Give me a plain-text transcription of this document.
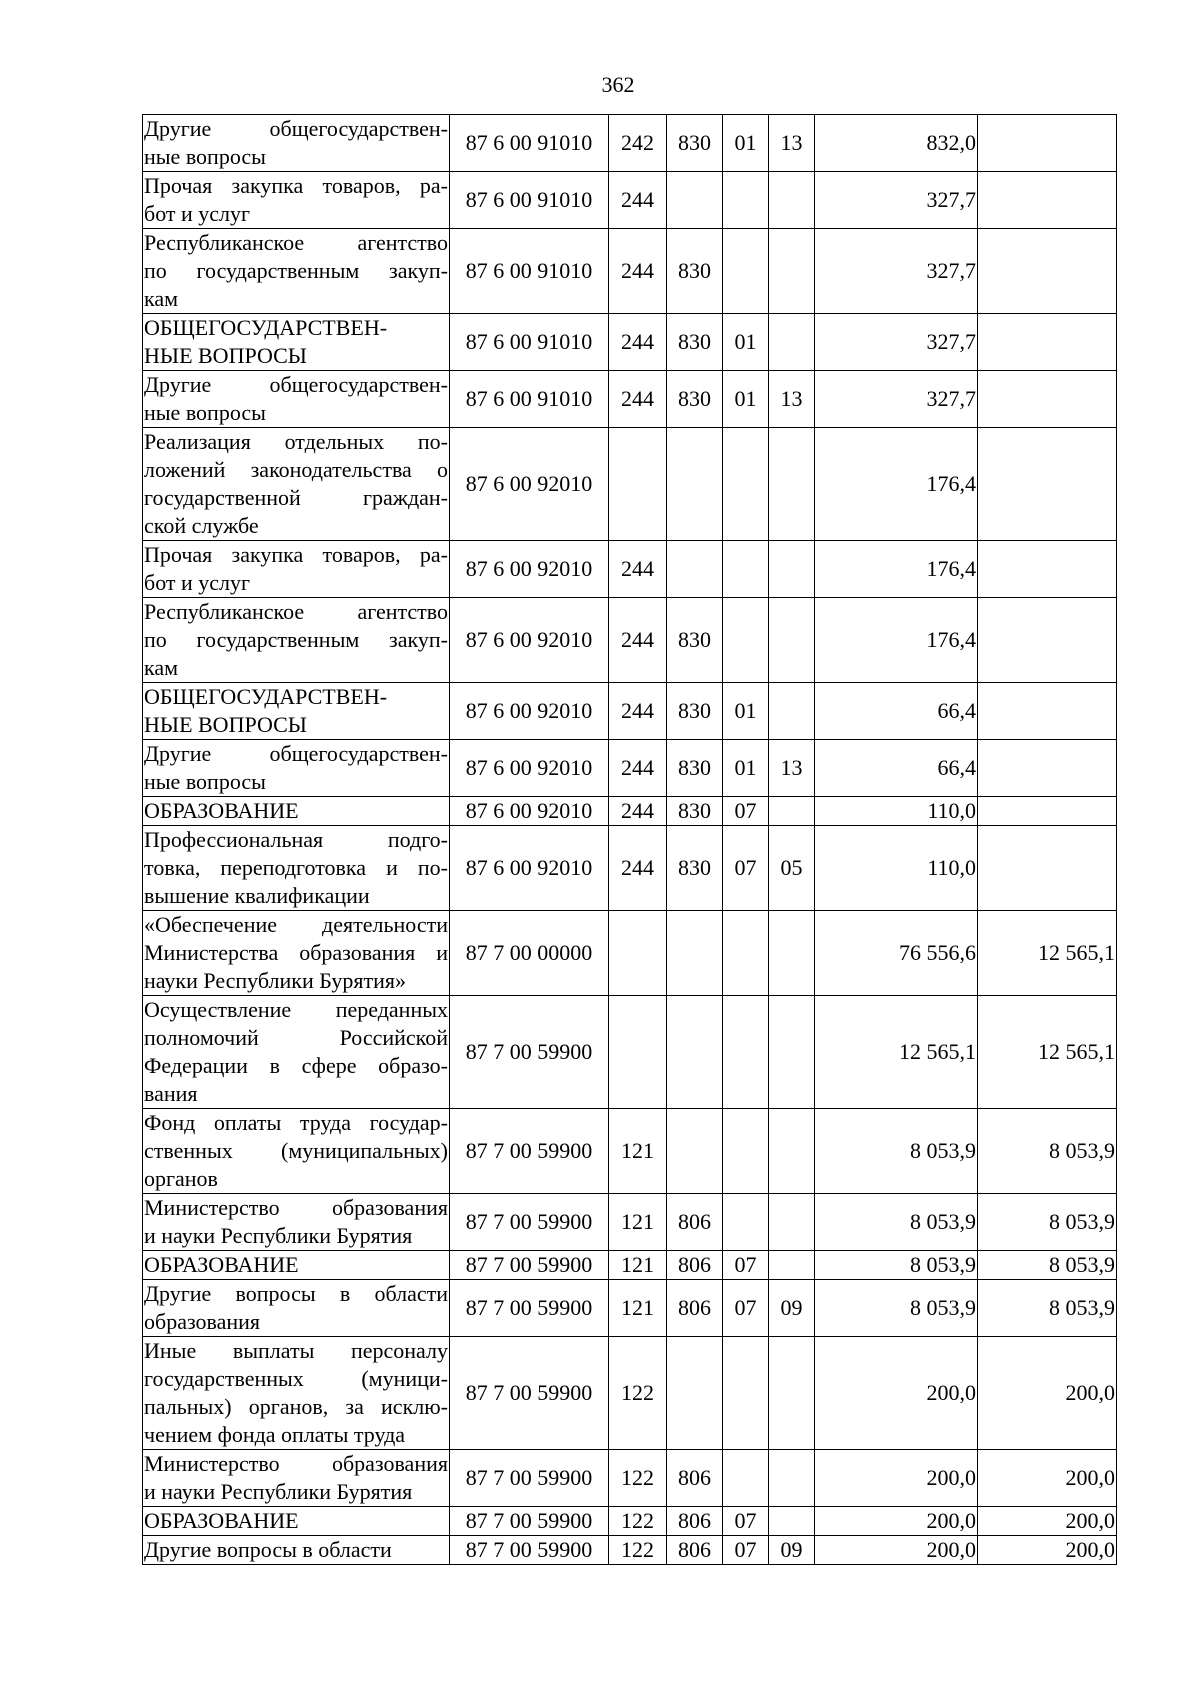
362
Другие общегосударствен-
ные вопросы	87 6 00 91010	242	830	01	13	832,0	

Прочая закупка товаров, ра-
бот и услуг	87 6 00 91010	244				327,7	

Республиканское агентство
по государственным закуп-
кам	87 6 00 91010	244	830			327,7	

ОБЩЕГОСУДАРСТВЕН-
НЫЕ ВОПРОСЫ	87 6 00 91010	244	830	01		327,7	

Другие общегосударствен-
ные вопросы	87 6 00 91010	244	830	01	13	327,7	

Реализация отдельных по-
ложений законодательства о
государственной граждан-
ской службе	87 6 00 92010					176,4	

Прочая закупка товаров, ра-
бот и услуг	87 6 00 92010	244				176,4	

Республиканское агентство
по государственным закуп-
кам	87 6 00 92010	244	830			176,4	

ОБЩЕГОСУДАРСТВЕН-
НЫЕ ВОПРОСЫ	87 6 00 92010	244	830	01		66,4	

Другие общегосударствен-
ные вопросы	87 6 00 92010	244	830	01	13	66,4	

ОБРАЗОВАНИЕ	87 6 00 92010	244	830	07		110,0	

Профессиональная подго-
товка, переподготовка и по-
вышение квалификации	87 6 00 92010	244	830	07	05	110,0	

«Обеспечение деятельности
Министерства образования и
науки Республики Бурятия»	87 7 00 00000					76 556,6	12 565,1

Осуществление переданных
полномочий Российской
Федерации в сфере образо-
вания	87 7 00 59900					12 565,1	12 565,1

Фонд оплаты труда государ-
ственных (муниципальных)
органов	87 7 00 59900	121				8 053,9	8 053,9

Министерство образования
и науки Республики Бурятия	87 7 00 59900	121	806			8 053,9	8 053,9

ОБРАЗОВАНИЕ	87 7 00 59900	121	806	07		8 053,9	8 053,9

Другие вопросы в области
образования	87 7 00 59900	121	806	07	09	8 053,9	8 053,9

Иные выплаты персоналу
государственных (муници-
пальных) органов, за исклю-
чением фонда оплаты труда	87 7 00 59900	122				200,0	200,0

Министерство образования
и науки Республики Бурятия	87 7 00 59900	122	806			200,0	200,0

ОБРАЗОВАНИЕ	87 7 00 59900	122	806	07		200,0	200,0

Другие вопросы в области	87 7 00 59900	122	806	07	09	200,0	200,0
